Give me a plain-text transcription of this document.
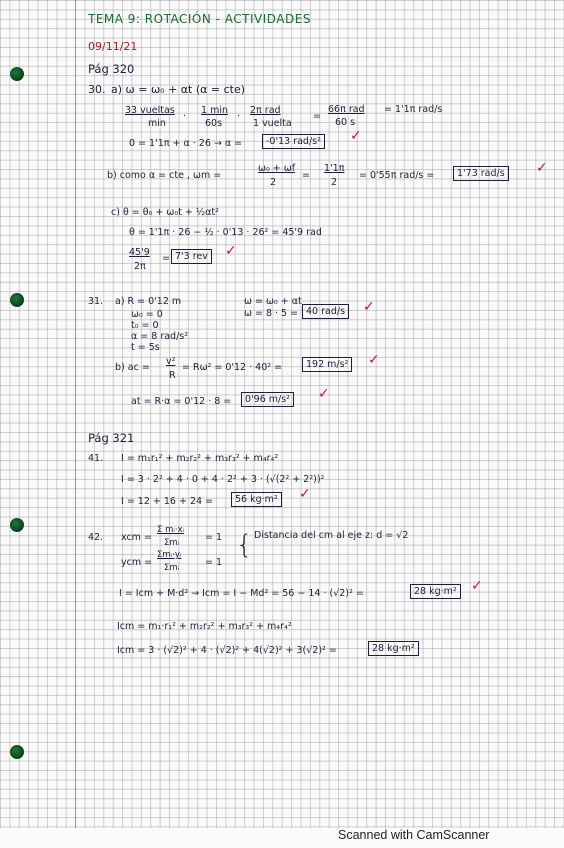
TEMA 9: ROTACIÓN - ACTIVIDADES
09/11/21
Pág 320
30. a) ω = ω₀ + αt (α = cte)
33 vueltas
min
·
1 min
60s
·
2π rad
1 vuelta
=
66π rad
60 s
= 1'1π rad/s
0 = 1'1π + α · 26 → α =	-0'13 rad/s² ✓
b) como α = cte , ωm =
ω₀ + ωf
2
=
1'1π
2
= 0'55π rad/s =	1'73 rad/s ✓
c) θ = θ₀ + ω₀t + ½αt²
θ = 1'1π · 26 − ½ · 0'13 · 26² = 45'9 rad
45'9
2π
= 7'3 rev ✓
31. a) R = 0'12 m
ω₀ = 0
t₀ = 0
α = 8 rad/s²
t = 5s
ω = ω₀ + αt
ω = 8 · 5 = 40 rad/s ✓
b) ac =
v²
R
= Rω² = 0'12 · 40² =	192 m/s² ✓
at = R·α = 0'12 · 8 =	0'96 m/s² ✓
Pág 321
41. I = m₁r₁² + m₂r₂² + m₃r₃² + m₄r₄²
I = 3 · 2² + 4 · 0 + 4 · 2² + 3 · (√(2² + 2²))²
I = 12 + 16 + 24 =	56 kg·m² ✓
42. xcm =
Σ mᵢ·xᵢ
Σmᵢ	= 1
ycm =
Σmᵢ·yᵢ
Σmᵢ	= 1
{ Distancia del cm al eje z: d = √2
I = Icm + M·d² → Icm = I − Md² = 56 − 14 · (√2)² =	28 kg·m² ✓
Icm = m₁·r₁² + m₂r₂² + m₃r₃² + m₄r₄²
Icm = 3 · (√2)² + 4 · (√2)² + 4(√2)² + 3(√2)² =	28 kg·m²
Scanned with CamScanner
